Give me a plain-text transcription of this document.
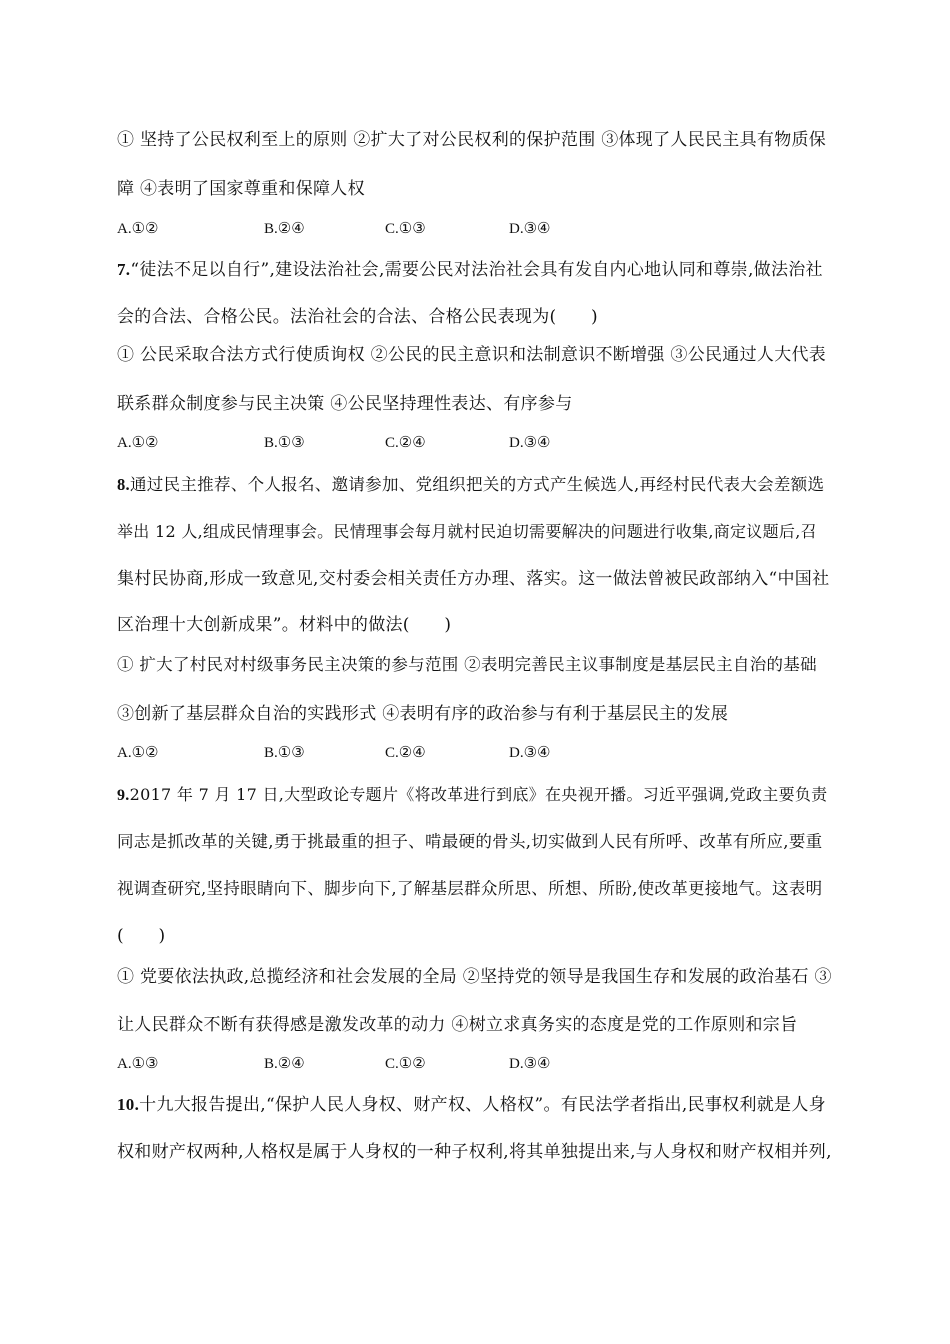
① 坚持了公民权利至上的原则 ②扩大了对公民权利的保护范围 ③体现了人民民主具有物质保
障 ④表明了国家尊重和保障人权
A.①②	B.②④	C.①③	D.③④
7.“徒法不足以自行”,建设法治社会,需要公民对法治社会具有发自内心地认同和尊崇,做法治社
会的合法、合格公民。法治社会的合法、合格公民表现为(　　)
① 公民采取合法方式行使质询权 ②公民的民主意识和法制意识不断增强 ③公民通过人大代表
联系群众制度参与民主决策 ④公民坚持理性表达、有序参与
A.①②	B.①③	C.②④	D.③④
8.通过民主推荐、个人报名、邀请参加、党组织把关的方式产生候选人,再经村民代表大会差额选
举出 12 人,组成民情理事会。民情理事会每月就村民迫切需要解决的问题进行收集,商定议题后,召
集村民协商,形成一致意见,交村委会相关责任方办理、落实。这一做法曾被民政部纳入“中国社
区治理十大创新成果”。材料中的做法(　　)
① 扩大了村民对村级事务民主决策的参与范围 ②表明完善民主议事制度是基层民主自治的基础
③创新了基层群众自治的实践形式 ④表明有序的政治参与有利于基层民主的发展
A.①②	B.①③	C.②④	D.③④
9.2017 年 7 月 17 日,大型政论专题片《将改革进行到底》在央视开播。习近平强调,党政主要负责
同志是抓改革的关键,勇于挑最重的担子、啃最硬的骨头,切实做到人民有所呼、改革有所应,要重
视调查研究,坚持眼睛向下、脚步向下,了解基层群众所思、所想、所盼,使改革更接地气。这表明
(　　)
① 党要依法执政,总揽经济和社会发展的全局 ②坚持党的领导是我国生存和发展的政治基石 ③
让人民群众不断有获得感是激发改革的动力 ④树立求真务实的态度是党的工作原则和宗旨
A.①③	B.②④	C.①②	D.③④
10.十九大报告提出,“保护人民人身权、财产权、人格权”。有民法学者指出,民事权利就是人身
权和财产权两种,人格权是属于人身权的一种子权利,将其单独提出来,与人身权和财产权相并列,
